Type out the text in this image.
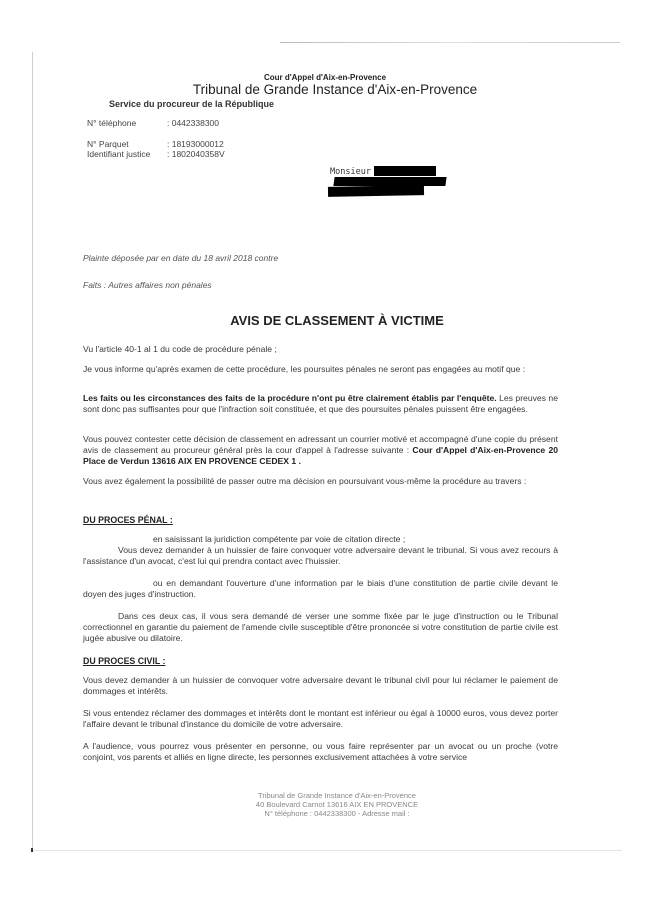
Cour d'Appel d'Aix-en-Provence
Tribunal de Grande Instance d'Aix-en-Provence
Service du procureur de la République
N° téléphone	: 0442338300
N° Parquet	: 18193000012
Identifiant justice : 1802040358V
Monsieur
Plainte déposée par en date du 18 avril 2018 contre
Faits : Autres affaires non pénales
AVIS DE CLASSEMENT À VICTIME
Vu l'article 40-1 al 1 du code de procédure pénale ;
Je vous informe qu'après examen de cette procédure, les poursuites pénales ne seront pas engagées au motif que :
Les faits ou les circonstances des faits de la procédure n'ont pu être clairement établis par l'enquête. Les preuves ne sont donc pas suffisantes pour que l'infraction soit constituée, et que des poursuites pénales puissent être engagées.
Vous pouvez contester cette décision de classement en adressant un courrier motivé et accompagné d'une copie du présent avis de classement au procureur général près la cour d'appel à l'adresse suivante : Cour d'Appel d'Aix-en-Provence 20 Place de Verdun 13616 AIX EN PROVENCE CEDEX 1 .
Vous avez également la possibilité de passer outre ma décision en poursuivant vous-même la procédure au travers :
DU PROCES PÉNAL :
en saisissant la juridiction compétente par voie de citation directe ;
Vous devez demander à un huissier de faire convoquer votre adversaire devant le tribunal. Si vous avez recours à l'assistance d'un avocat, c'est lui qui prendra contact avec l'huissier.
ou en demandant l'ouverture d'une information par le biais d'une constitution de partie civile devant le doyen des juges d'instruction.
Dans ces deux cas, il vous sera demandé de verser une somme fixée par le juge d'instruction ou le Tribunal correctionnel en garantie du paiement de l'amende civile susceptible d'être prononcée si votre constitution de partie civile est jugée abusive ou dilatoire.
DU PROCES CIVIL :
Vous devez demander à un huissier de convoquer votre adversaire devant le tribunal civil pour lui réclamer le paiement de dommages et intérêts.
Si vous entendez réclamer des dommages et intérêts dont le montant est inférieur ou égal à 10000 euros, vous devez porter l'affaire devant le tribunal d'instance du domicile de votre adversaire.
A l'audience, vous pourrez vous présenter en personne, ou vous faire représenter par un avocat ou un proche (votre conjoint, vos parents et alliés en ligne directe, les personnes exclusivement attachées à votre service
Tribunal de Grande Instance d'Aix-en-Provence
40 Boulevard Carnot 13616 AIX EN PROVENCE
N° téléphone : 0442338300 - Adresse mail :
